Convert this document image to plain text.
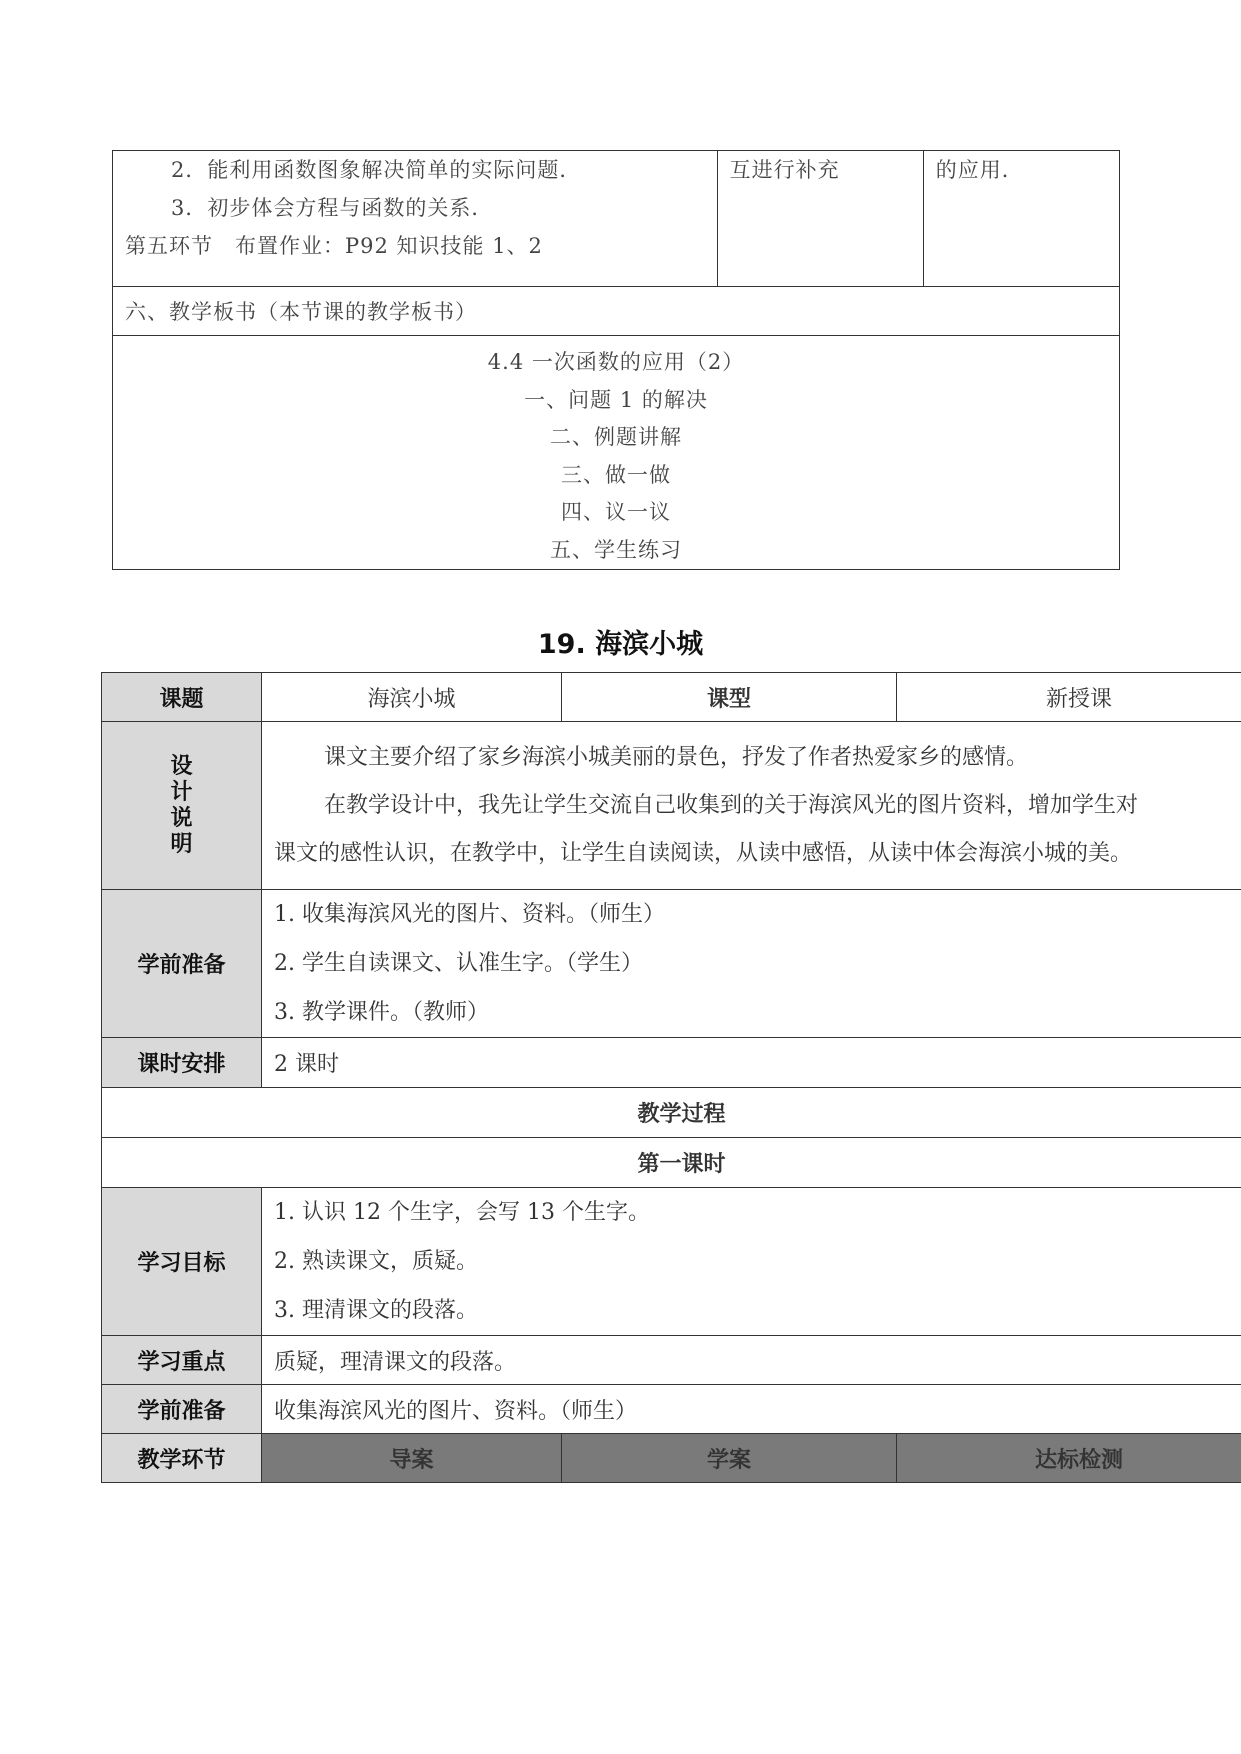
2．能利用函数图象解决简单的实际问题．
3．初步体会方程与函数的关系．
第五环节　布置作业：P92 知识技能 1、2

互进行补充	的应用．

六、教学板书（本节课的教学板书）

4.4 一次函数的应用（2）
一、问题 1 的解决
二、例题讲解
三、做一做
四、议一议
五、学生练习
19. 海滨小城
课题	海滨小城	课型	新授课
设计说明	课文主要介绍了家乡海滨小城美丽的景色，抒发了作者热爱家乡的感情。
在教学设计中，我先让学生交流自己收集到的关于海滨风光的图片资料，增加学生对
课文的感性认识，在教学中，让学生自读阅读，从读中感悟，从读中体会海滨小城的美。		

学前准备	1. 收集海滨风光的图片、资料。（师生）
2. 学生自读课文、认准生字。（学生）
3. 教学课件。（教师）		

课时安排	2 课时		
教学过程			
第一课时			
学习目标	1. 认识 12 个生字，会写 13 个生字。
2. 熟读课文，质疑。
3. 理清课文的段落。		

学习重点	质疑，理清课文的段落。		
学前准备	收集海滨风光的图片、资料。（师生）		
教学环节	导案	学案	达标检测
